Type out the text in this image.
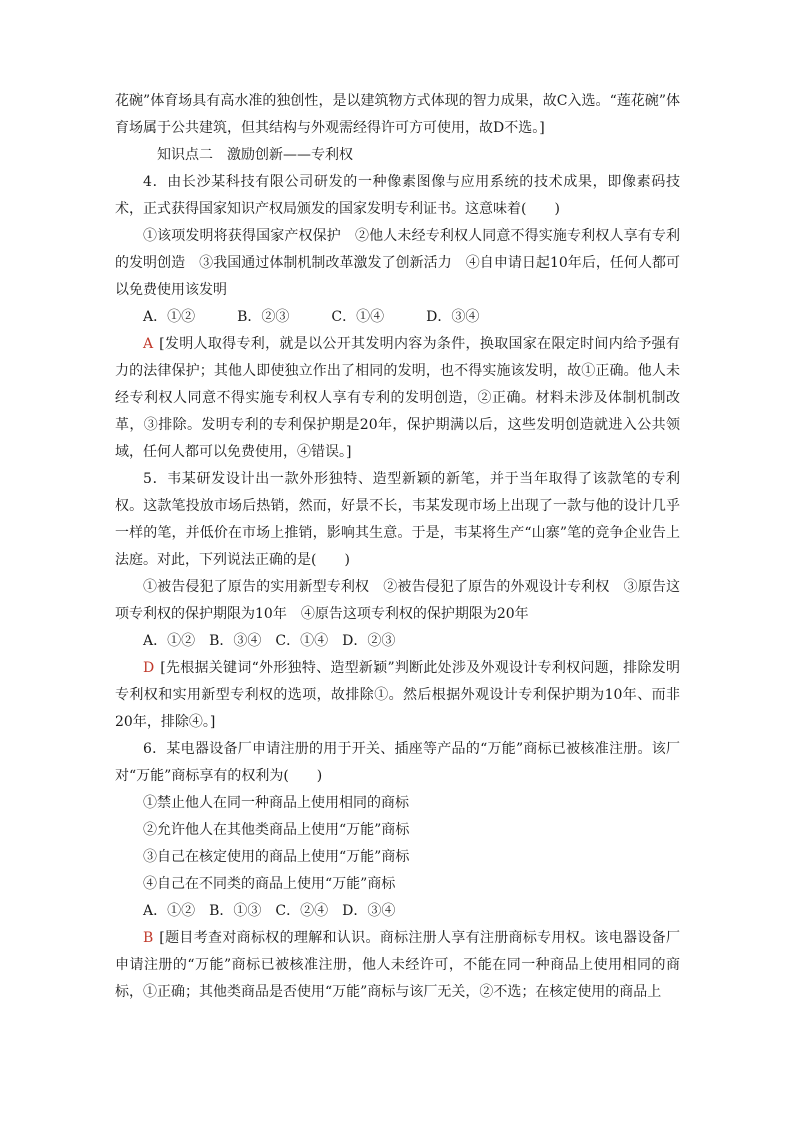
花碗”体育场具有高水准的独创性，是以建筑物方式体现的智力成果，故C入选。“莲花碗”体育场属于公共建筑，但其结构与外观需经得许可方可使用，故D不选。]

知识点二　激励创新——专利权

4．由长沙某科技有限公司研发的一种像素图像与应用系统的技术成果，即像素码技术，正式获得国家知识产权局颁发的国家发明专利证书。这意味着(　　)

①该项发明将获得国家产权保护　②他人未经专利权人同意不得实施专利权人享有专利的发明创造　③我国通过体制机制改革激发了创新活力　④自申请日起10年后，任何人都可以免费使用该发明

A．①②　　　B．②③　　　C．①④　　　D．③④

A [发明人取得专利，就是以公开其发明内容为条件，换取国家在限定时间内给予强有力的法律保护；其他人即使独立作出了相同的发明，也不得实施该发明，故①正确。他人未经专利权人同意不得实施专利权人享有专利的发明创造，②正确。材料未涉及体制机制改革，③排除。发明专利的专利保护期是20年，保护期满以后，这些发明创造就进入公共领域，任何人都可以免费使用，④错误。]

5．韦某研发设计出一款外形独特、造型新颖的新笔，并于当年取得了该款笔的专利权。这款笔投放市场后热销，然而，好景不长，韦某发现市场上出现了一款与他的设计几乎一样的笔，并低价在市场上推销，影响其生意。于是，韦某将生产“山寨”笔的竞争企业告上法庭。对此，下列说法正确的是(　　)

①被告侵犯了原告的实用新型专利权　②被告侵犯了原告的外观设计专利权　③原告这项专利权的保护期限为10年　④原告这项专利权的保护期限为20年

A．①②　B．③④　C．①④　D．②③

D [先根据关键词“外形独特、造型新颖”判断此处涉及外观设计专利权问题，排除发明专利权和实用新型专利权的选项，故排除①。然后根据外观设计专利保护期为10年、而非20年，排除④。]

6．某电器设备厂申请注册的用于开关、插座等产品的“万能”商标已被核准注册。该厂对“万能”商标享有的权利为(　　)

①禁止他人在同一种商品上使用相同的商标

②允许他人在其他类商品上使用“万能”商标

③自己在核定使用的商品上使用“万能”商标

④自己在不同类的商品上使用“万能”商标

A．①②　B．①③　C．②④　D．③④

B [题目考查对商标权的理解和认识。商标注册人享有注册商标专用权。该电器设备厂申请注册的“万能”商标已被核准注册，他人未经许可，不能在同一种商品上使用相同的商标，①正确；其他类商品是否使用“万能”商标与该厂无关，②不选；在核定使用的商品上
